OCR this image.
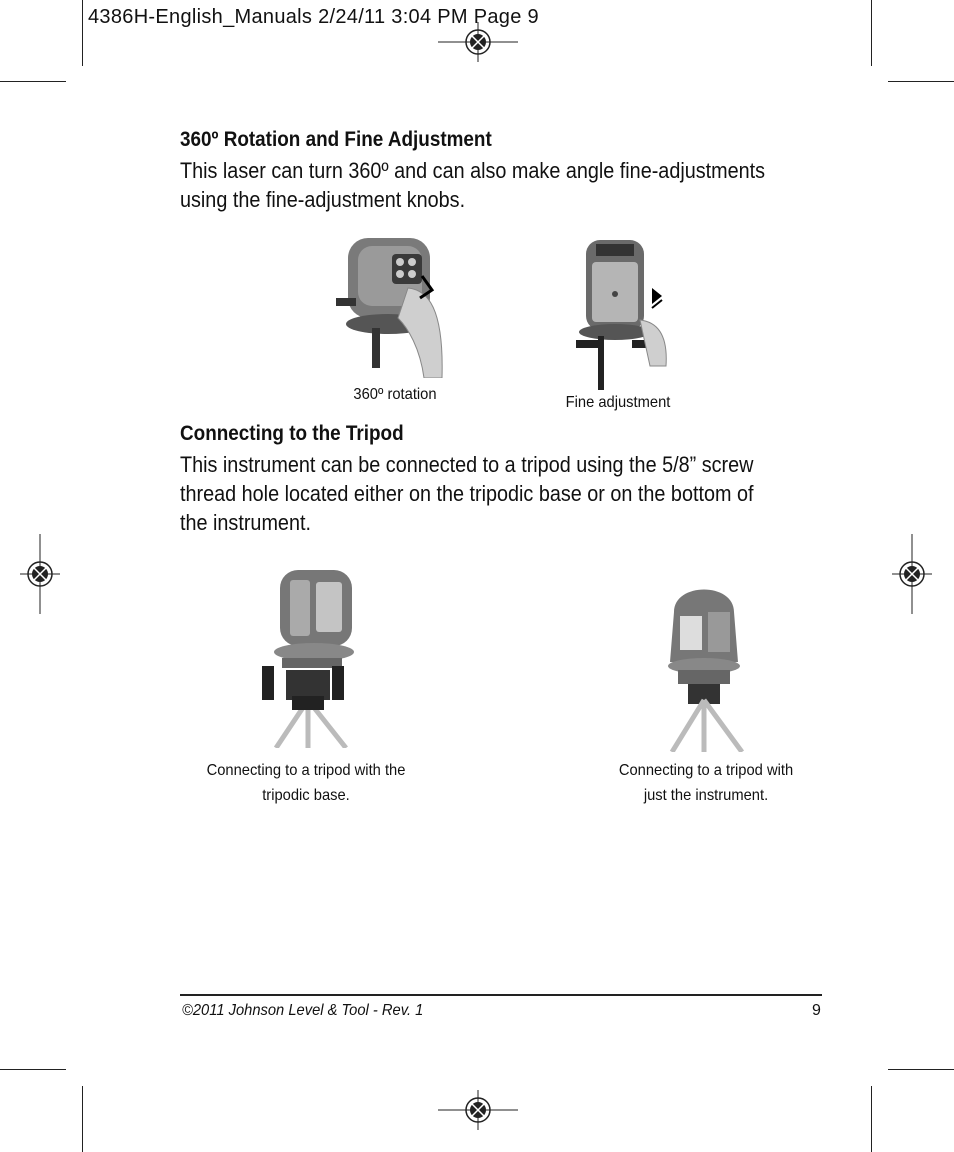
4386H-English_Manuals 2/24/11 3:04 PM Page 9
360º Rotation and Fine Adjustment
This laser can turn 360º and can also make angle fine-adjustments
using the fine-adjustment knobs.
360º rotation	Fine adjustment
Connecting to the Tripod
This instrument can be connected to a tripod using the 5/8” screw
thread hole located either on the tripodic base or on the bottom of
the instrument.
Connecting to a tripod with the
tripodic base.
Connecting to a tripod with
just the instrument.
©2011 Johnson Level & Tool - Rev. 1	9
